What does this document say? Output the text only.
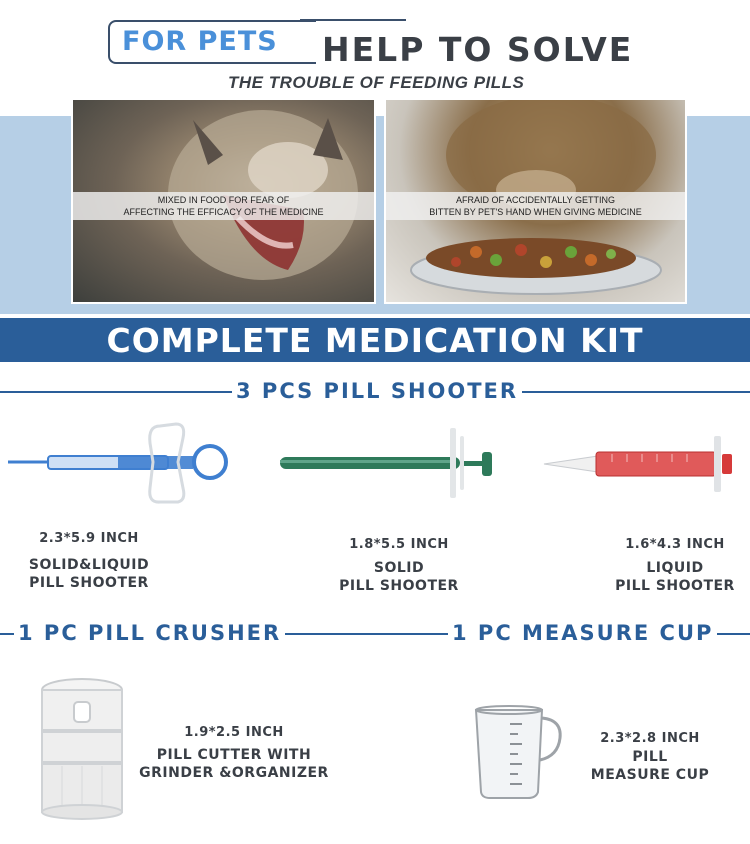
FOR PETS HELP TO SOLVE
THE TROUBLE OF FEEDING PILLS
MIXED IN FOOD FOR FEAR OF
AFFECTING THE EFFICACY OF THE MEDICINE
AFRAID OF ACCIDENTALLY GETTING
BITTEN BY PET'S HAND WHEN GIVING MEDICINE
COMPLETE MEDICATION KIT
3 PCS PILL SHOOTER
2.3*5.9 INCH
SOLID&LIQUID
PILL SHOOTER
1.8*5.5 INCH
SOLID
PILL SHOOTER
1.6*4.3 INCH
LIQUID
PILL SHOOTER
1 PC PILL CRUSHER	1 PC MEASURE CUP
1.9*2.5 INCH
PILL CUTTER WITH
GRINDER &ORGANIZER
2.3*2.8 INCH
PILL
MEASURE CUP
